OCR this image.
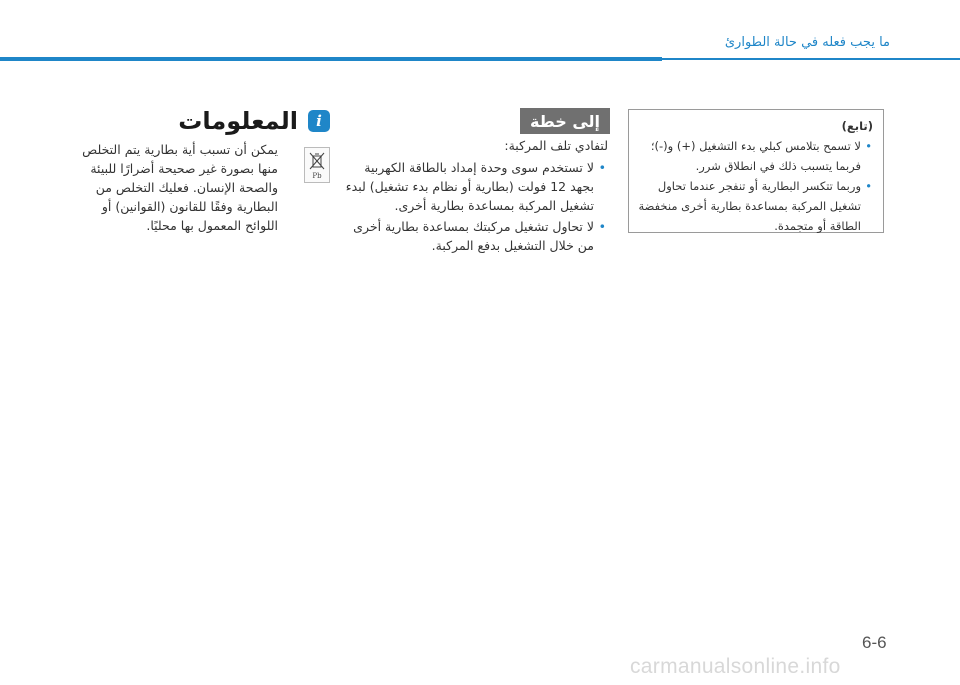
ما يجب فعله في حالة الطوارئ
i
المعلومات
يمكن أن تسبب أية بطارية يتم التخلص منها بصورة غير صحيحة أضرارًا للبيئة والصحة الإنسان. فعليك التخلص من البطارية وفقًا للقانون (القوانين) أو اللوائح المعمول بها محليًا.
Pb
إلى خطة
لتفادي تلف المركبة:
• لا تستخدم سوى وحدة إمداد بالطاقة الكهربية بجهد 12 فولت (بطارية أو نظام بدء تشغيل) لبدء تشغيل المركبة بمساعدة بطارية أخرى.
• لا تحاول تشغيل مركبتك بمساعدة بطارية أخرى من خلال التشغيل بدفع المركبة.
(تابع)
• لا تسمح بتلامس كبلي بدء التشغيل (+) و(-)؛ فربما يتسبب ذلك في انطلاق شرر.
• وربما تتكسر البطارية أو تنفجر عندما تحاول تشغيل المركبة بمساعدة بطارية أخرى منخفضة الطاقة أو متجمدة.
6-6
carmanualsonline.info
